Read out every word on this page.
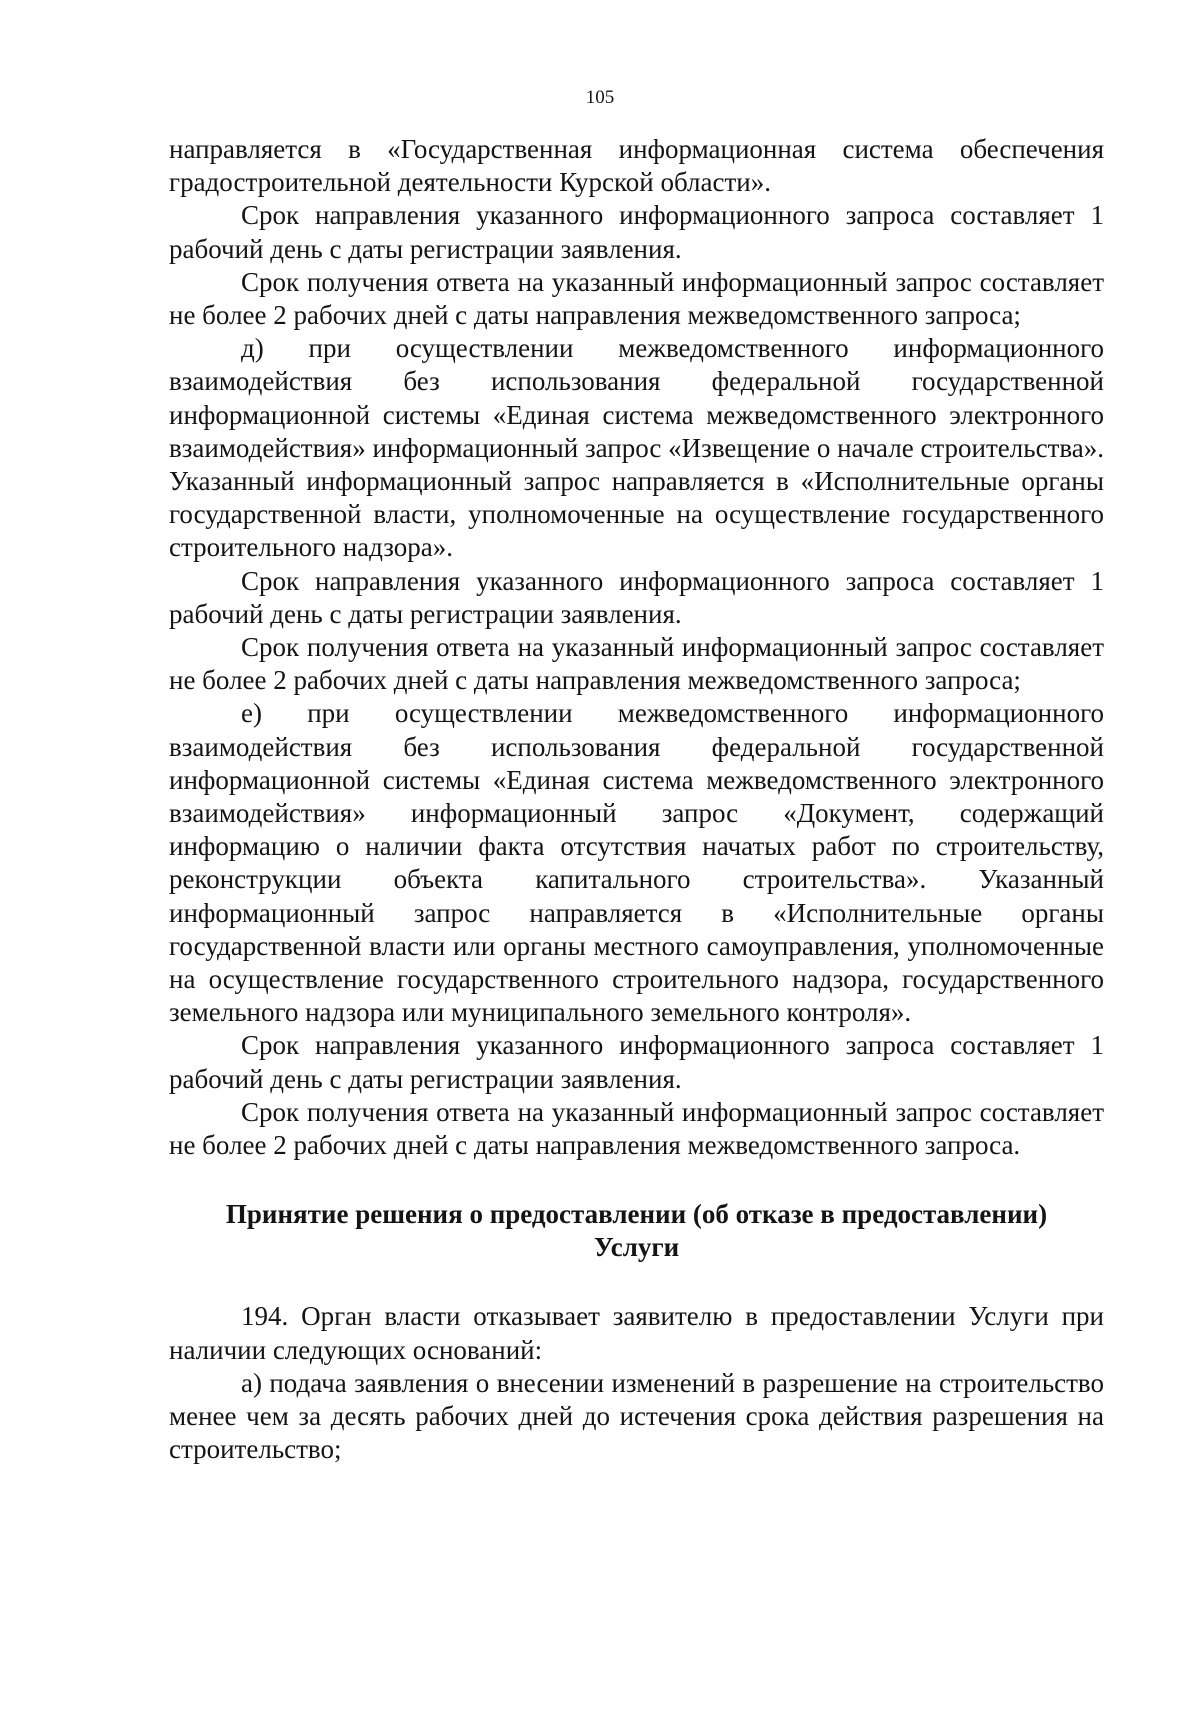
105

направляется в «Государственная информационная система обеспечения градостроительной деятельности Курской области».

Срок направления указанного информационного запроса составляет 1 рабочий день с даты регистрации заявления.

Срок получения ответа на указанный информационный запрос составляет не более 2 рабочих дней с даты направления межведомственного запроса;

д) при осуществлении межведомственного информационного взаимодействия без использования федеральной государственной информационной системы «Единая система межведомственного электронного взаимодействия» информационный запрос «Извещение о начале строительства». Указанный информационный запрос направляется в «Исполнительные органы государственной власти, уполномоченные на осуществление государственного строительного надзора».

Срок направления указанного информационного запроса составляет 1 рабочий день с даты регистрации заявления.

Срок получения ответа на указанный информационный запрос составляет не более 2 рабочих дней с даты направления межведомственного запроса;

е) при осуществлении межведомственного информационного взаимодействия без использования федеральной государственной информационной системы «Единая система межведомственного электронного взаимодействия» информационный запрос «Документ, содержащий информацию о наличии факта отсутствия начатых работ по строительству, реконструкции объекта капитального строительства». Указанный информационный запрос направляется в «Исполнительные органы государственной власти или органы местного самоуправления, уполномоченные на осуществление государственного строительного надзора, государственного земельного надзора или муниципального земельного контроля».

Срок направления указанного информационного запроса составляет 1 рабочий день с даты регистрации заявления.

Срок получения ответа на указанный информационный запрос составляет не более 2 рабочих дней с даты направления межведомственного запроса.

Принятие решения о предоставлении (об отказе в предоставлении)
Услуги

194. Орган власти отказывает заявителю в предоставлении Услуги при наличии следующих оснований:

а) подача заявления о внесении изменений в разрешение на строительство менее чем за десять рабочих дней до истечения срока действия разрешения на строительство;
